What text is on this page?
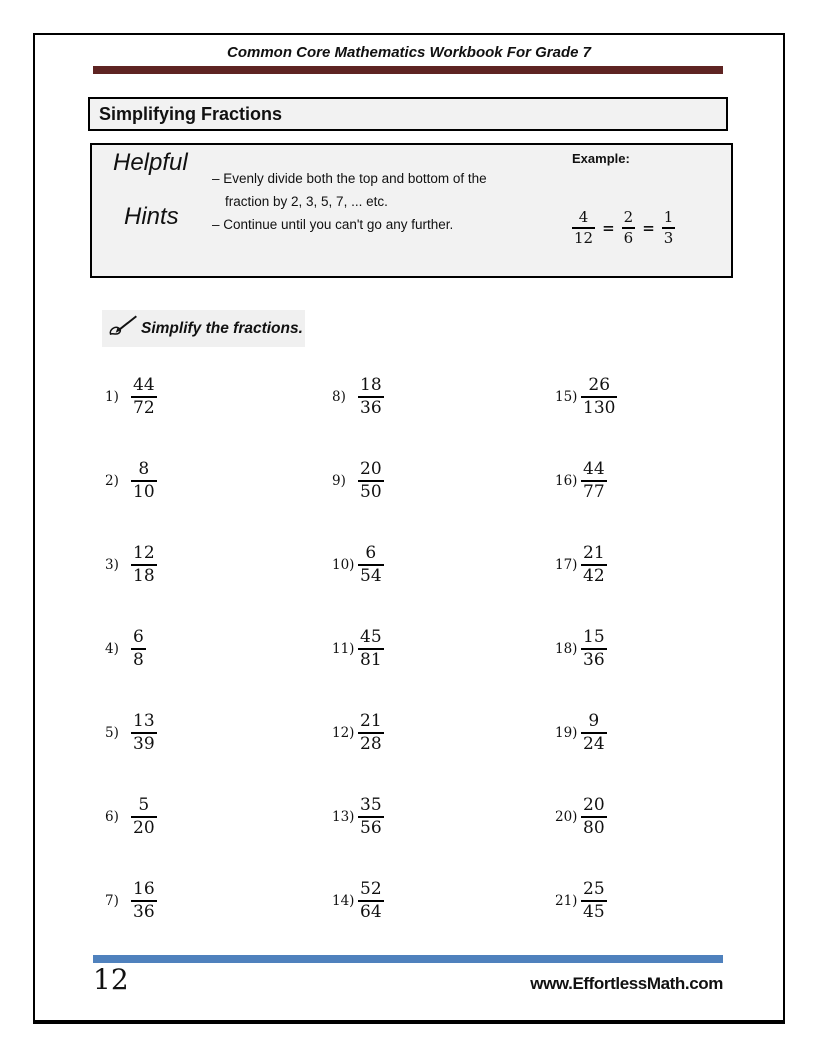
Common Core Mathematics Workbook For Grade 7
Simplifying Fractions
Helpful
Hints
– Evenly divide both the top and bottom of the fraction by 2, 3, 5, 7, ... etc.
– Continue until you can't go any further.
Example:
$\frac{4}{12} = \frac{2}{6} = \frac{1}{3}$
Simplify the fractions.
$1) \frac{44}{72}$
$2) \frac{8}{10}$
$3) \frac{12}{18}$
$4) \frac{6}{8}$
$5) \frac{13}{39}$
$6) \frac{5}{20}$
$7) \frac{16}{36}$
$8) \frac{18}{36}$
$9) \frac{20}{50}$
$10) \frac{6}{54}$
$11) \frac{45}{81}$
$12) \frac{21}{28}$
$13) \frac{35}{56}$
$14) \frac{52}{64}$
$15) \frac{26}{130}$
$16) \frac{44}{77}$
$17) \frac{21}{42}$
$18) \frac{15}{36}$
$19) \frac{9}{24}$
$20) \frac{20}{80}$
$21) \frac{25}{45}$
12	www.EffortlessMath.com
